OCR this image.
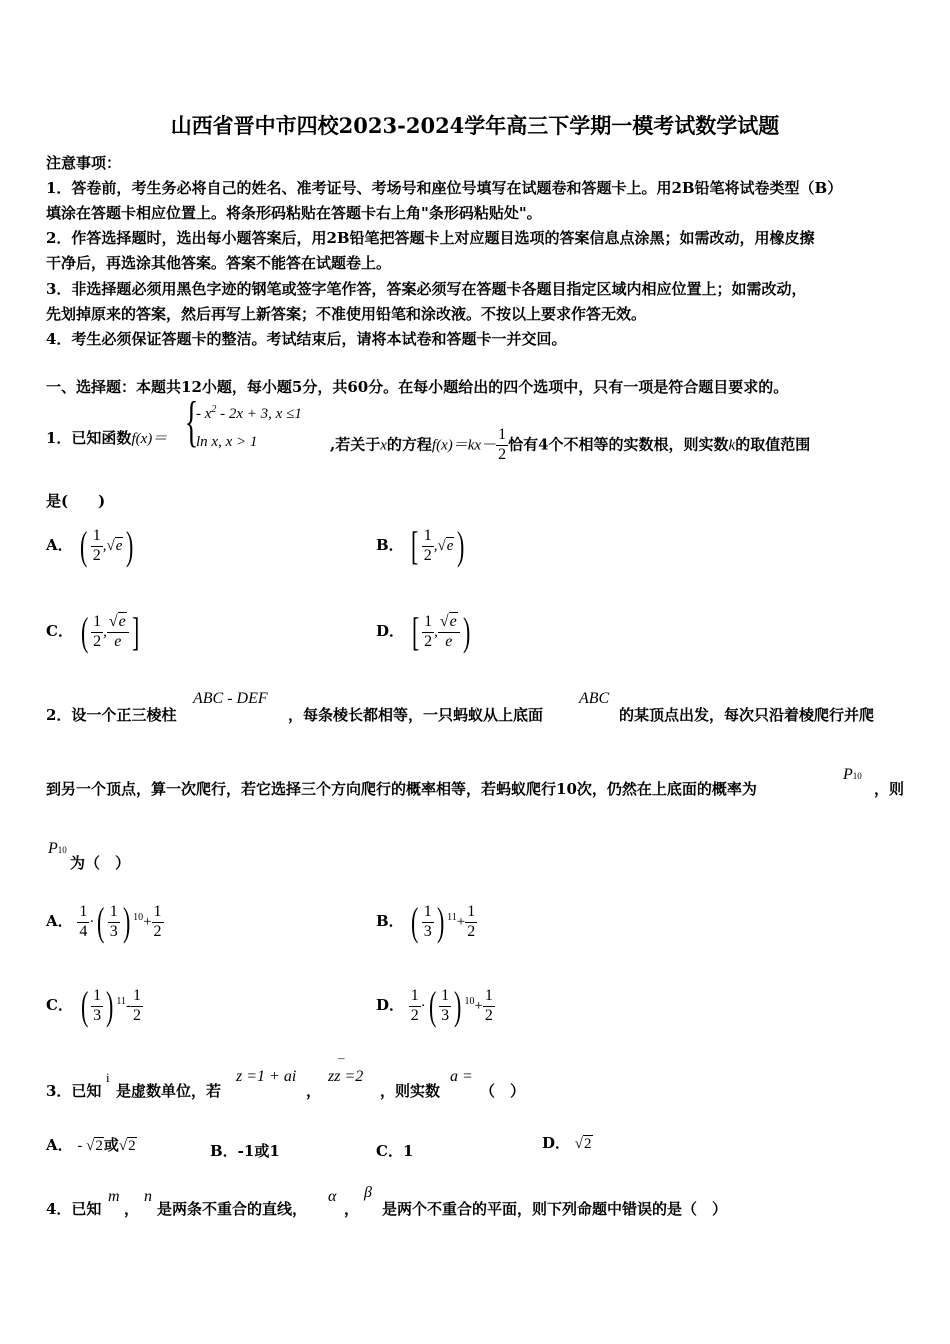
山西省晋中市四校2023-2024学年高三下学期一模考试数学试题
注意事项：
1．答卷前，考生务必将自己的姓名、准考证号、考场号和座位号填写在试题卷和答题卡上。用2B铅笔将试卷类型（B）
填涂在答题卡相应位置上。将条形码粘贴在答题卡右上角"条形码粘贴处"。
2．作答选择题时，选出每小题答案后，用2B铅笔把答题卡上对应题目选项的答案信息点涂黑；如需改动，用橡皮擦
干净后，再选涂其他答案。答案不能答在试题卷上。
3．非选择题必须用黑色字迹的钢笔或签字笔作答，答案必须写在答题卡各题目指定区域内相应位置上；如需改动，
先划掉原来的答案，然后再写上新答案；不准使用铅笔和涂改液。不按以上要求作答无效。
4．考生必须保证答题卡的整洁。考试结束后，请将本试卷和答题卡一并交回。
一、选择题：本题共12小题，每小题5分，共60分。在每小题给出的四个选项中，只有一项是符合题目要求的。
1．已知函数f(x)＝ {
- $x^2 - 2x + 3$, x ≤1
ln x, x > 1	,若关于x的方程$f(x)=kx- \frac{1}{2}$ 恰有4个不相等的实数根，则实数k的取值范围
是(　　)
A． ( $\frac{1}{2} ,√e$)	B． [ $\frac{1}{2} ,√e$)
C． ( $\frac{1}{2}$ , $\frac{√e}{e}$ ]	D． [ $\frac{1}{2}$ , $\frac{√e}{e}$ )
2．设一个正三棱柱
ABC - DEF
，每条棱长都相等，一只蚂蚁从上底面
ABC
的某顶点出发，每次只沿着棱爬行并爬
到另一个顶点，算一次爬行，若它选择三个方向爬行的概率相等，若蚂蚁爬行10次，仍然在上底面的概率为
P10
，则
P10
为（　）
A． $\frac{1}{4}$ ·( $\frac{1}{3}$ ) $^{10}+ \frac{1}{2}$	B． ( $\frac{1}{3}$ ) $^{11}+ \frac{1}{2}$
C． ( $\frac{1}{3}$ ) $^{11}- \frac{1}{2}$	D． $\frac{1}{2}$ ·( $\frac{1}{3}$ ) $^{10}+ \frac{1}{2}$
3．已知
i
是虚数单位，若
z =1 + ai
，
zz =2
¯
，则实数
a =
（　）
A． - √2或√2	B．-1或1	C．1	D． √2
4．已知
m
，
n
是两条不重合的直线，
α
，
β
是两个不重合的平面，则下列命题中错误的是（　）
